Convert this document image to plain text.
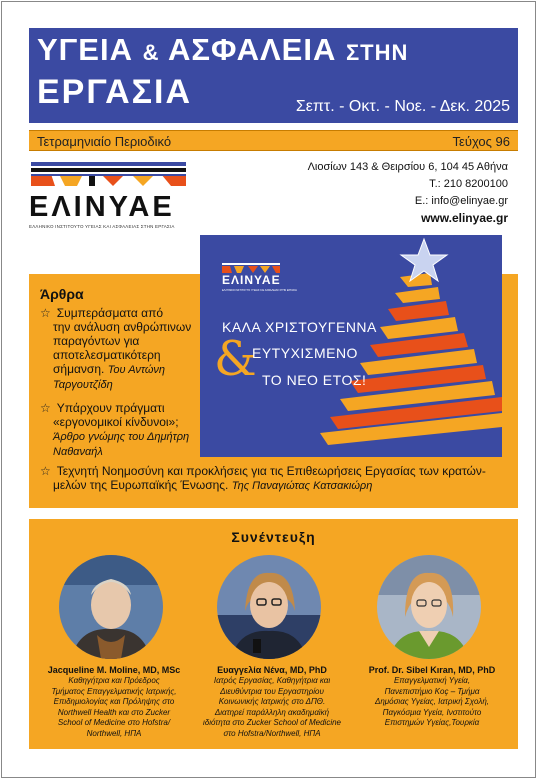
ΥΓΕΙΑ & ΑΣΦΑΛΕΙΑ ΣΤΗΝ
ΕΡΓΑΣΙΑ	Σεπτ. - Οκτ. - Νοε. - Δεκ. 2025
Τετραμηνιαίο Περιοδικό	Τεύχος 96
ΕΛΙΝΥΑΕ
ΕΛΛΗΝΙΚΟ ΙΝΣΤΙΤΟΥΤΟ ΥΓΕΙΑΣ ΚΑΙ ΑΣΦΑΛΕΙΑΣ ΣΤΗΝ ΕΡΓΑΣΙΑ
Λιοσίων 143 & Θειρσίου 6, 104 45 Αθήνα
Τ.: 210 8200100
E.: info@elinyae.gr
www.elinyae.gr
Άρθρα
☆ Συμπεράσματα από
την ανάλυση ανθρώπινων
παραγόντων για
αποτελεσματικότερη
σήμανση. Του Αντώνη
Ταργουτζίδη
☆ Υπάρχουν πράγματι
«εργονομικοί κίνδυνοι»;
Άρθρο γνώμης του Δημήτρη
Ναθαναήλ
☆ Τεχνητή Νοημοσύνη και προκλήσεις για τις Επιθεωρήσεις Εργασίας των κρατών-
μελών της Ευρωπαϊκής Ένωσης. Της Παναγιώτας Κατσακιώρη
ΕΛΙΝΥΑΕ
ΕΛΛΗΝΙΚΟ ΙΝΣΤΙΤΟΥΤΟ ΥΓΕΙΑΣ ΚΑΙ ΑΣΦΑΛΕΙΑΣ ΣΤΗΝ ΕΡΓΑΣΙΑ
ΚΑΛΑ ΧΡΙΣΤΟΥΓΕΝΝΑ
&
ΕΥΤΥΧΙΣΜΕΝΟ
ΤΟ ΝΕΟ ΕΤΟΣ!
Συνέντευξη
Jacqueline M. Moline, MD, MSc
Καθηγήτρια και Πρόεδρος
Τμήματος Επαγγελματικής Ιατρικής,
Επιδημιολογίας και Πρόληψης στο
Northwell Health και στο Zucker
School of Medicine στο Hofstra/
Northwell, ΗΠΑ
Ευαγγελία Νένα, MD, PhD
Ιατρός Εργασίας, Καθηγήτρια και
Διευθύντρια του Εργαστηρίου
Κοινωνικής Ιατρικής στο ΔΠΘ.
Διατηρεί παράλληλη ακαδημαϊκή
ιδιότητα στο Zucker School of Medicine
στο Hofstra/Northwell, ΗΠΑ
Prof. Dr. Sibel Kıran, MD, PhD
Επαγγελματική Υγεία,
Πανεπιστήμιο Koç – Τμήμα
Δημόσιας Υγείας, Ιατρική Σχολή,
Παγκόσμια Υγεία, Ινστιτούτο
Επιστημών Υγείας,Τουρκία
